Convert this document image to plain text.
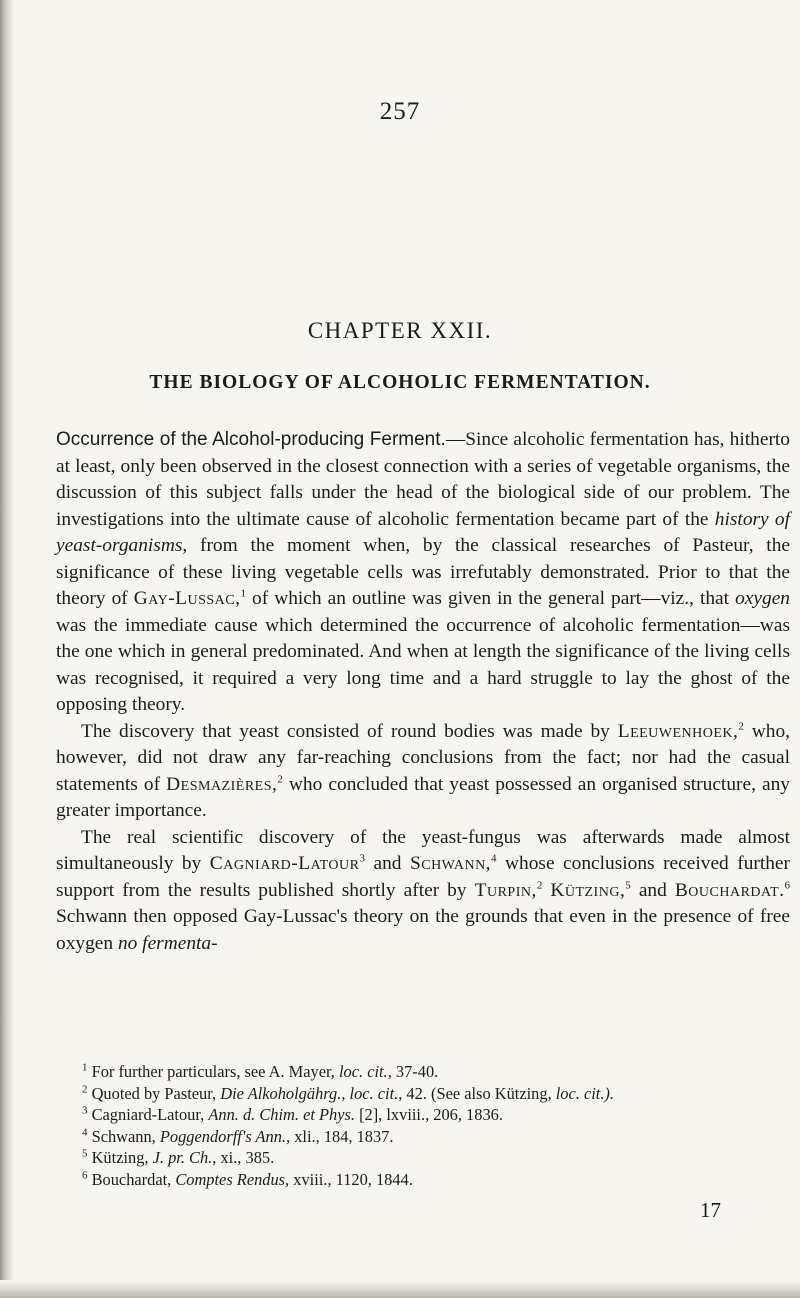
257
CHAPTER XXII.
THE BIOLOGY OF ALCOHOLIC FERMENTATION.

Occurrence of the Alcohol-producing Ferment.—Since alcoholic fermentation has, hitherto at least, only been observed in the closest connection with a series of vegetable organisms, the discussion of this subject falls under the head of the biological side of our problem. The investigations into the ultimate cause of alcoholic fermentation became part of the history of yeast-organisms, from the moment when, by the classical researches of Pasteur, the significance of these living vegetable cells was irrefutably demonstrated. Prior to that the theory of Gay-Lussac,$^1$ of which an outline was given in the general part—viz., that oxygen was the immediate cause which determined the occurrence of alcoholic fermentation—was the one which in general predominated. And when at length the significance of the living cells was recognised, it required a very long time and a hard struggle to lay the ghost of the opposing theory.

The discovery that yeast consisted of round bodies was made by Leeuwenhoek,$^2$ who, however, did not draw any far-reaching conclusions from the fact; nor had the casual statements of Desmazières,$^2$ who concluded that yeast possessed an organised structure, any greater importance.

The real scientific discovery of the yeast-fungus was afterwards made almost simultaneously by Cagniard-Latour$^3$ and Schwann,$^4$ whose conclusions received further support from the results published shortly after by Turpin,$^2$ Kützing,$^5$ and Bouchardat.$^6$ Schwann then opposed Gay-Lussac's theory on the grounds that even in the presence of free oxygen no fermenta-

$^1$ For further particulars, see A. Mayer, loc. cit., 37-40.
$^2$ Quoted by Pasteur, Die Alkoholgährg., loc. cit., 42. (See also Kützing, loc. cit.).
$^3$ Cagniard-Latour, Ann. d. Chim. et Phys. [2], lxviii., 206, 1836.
$^4$ Schwann, Poggendorff's Ann., xli., 184, 1837.
$^5$ Kützing, J. pr. Ch., xi., 385.
$^6$ Bouchardat, Comptes Rendus, xviii., 1120, 1844.
17
